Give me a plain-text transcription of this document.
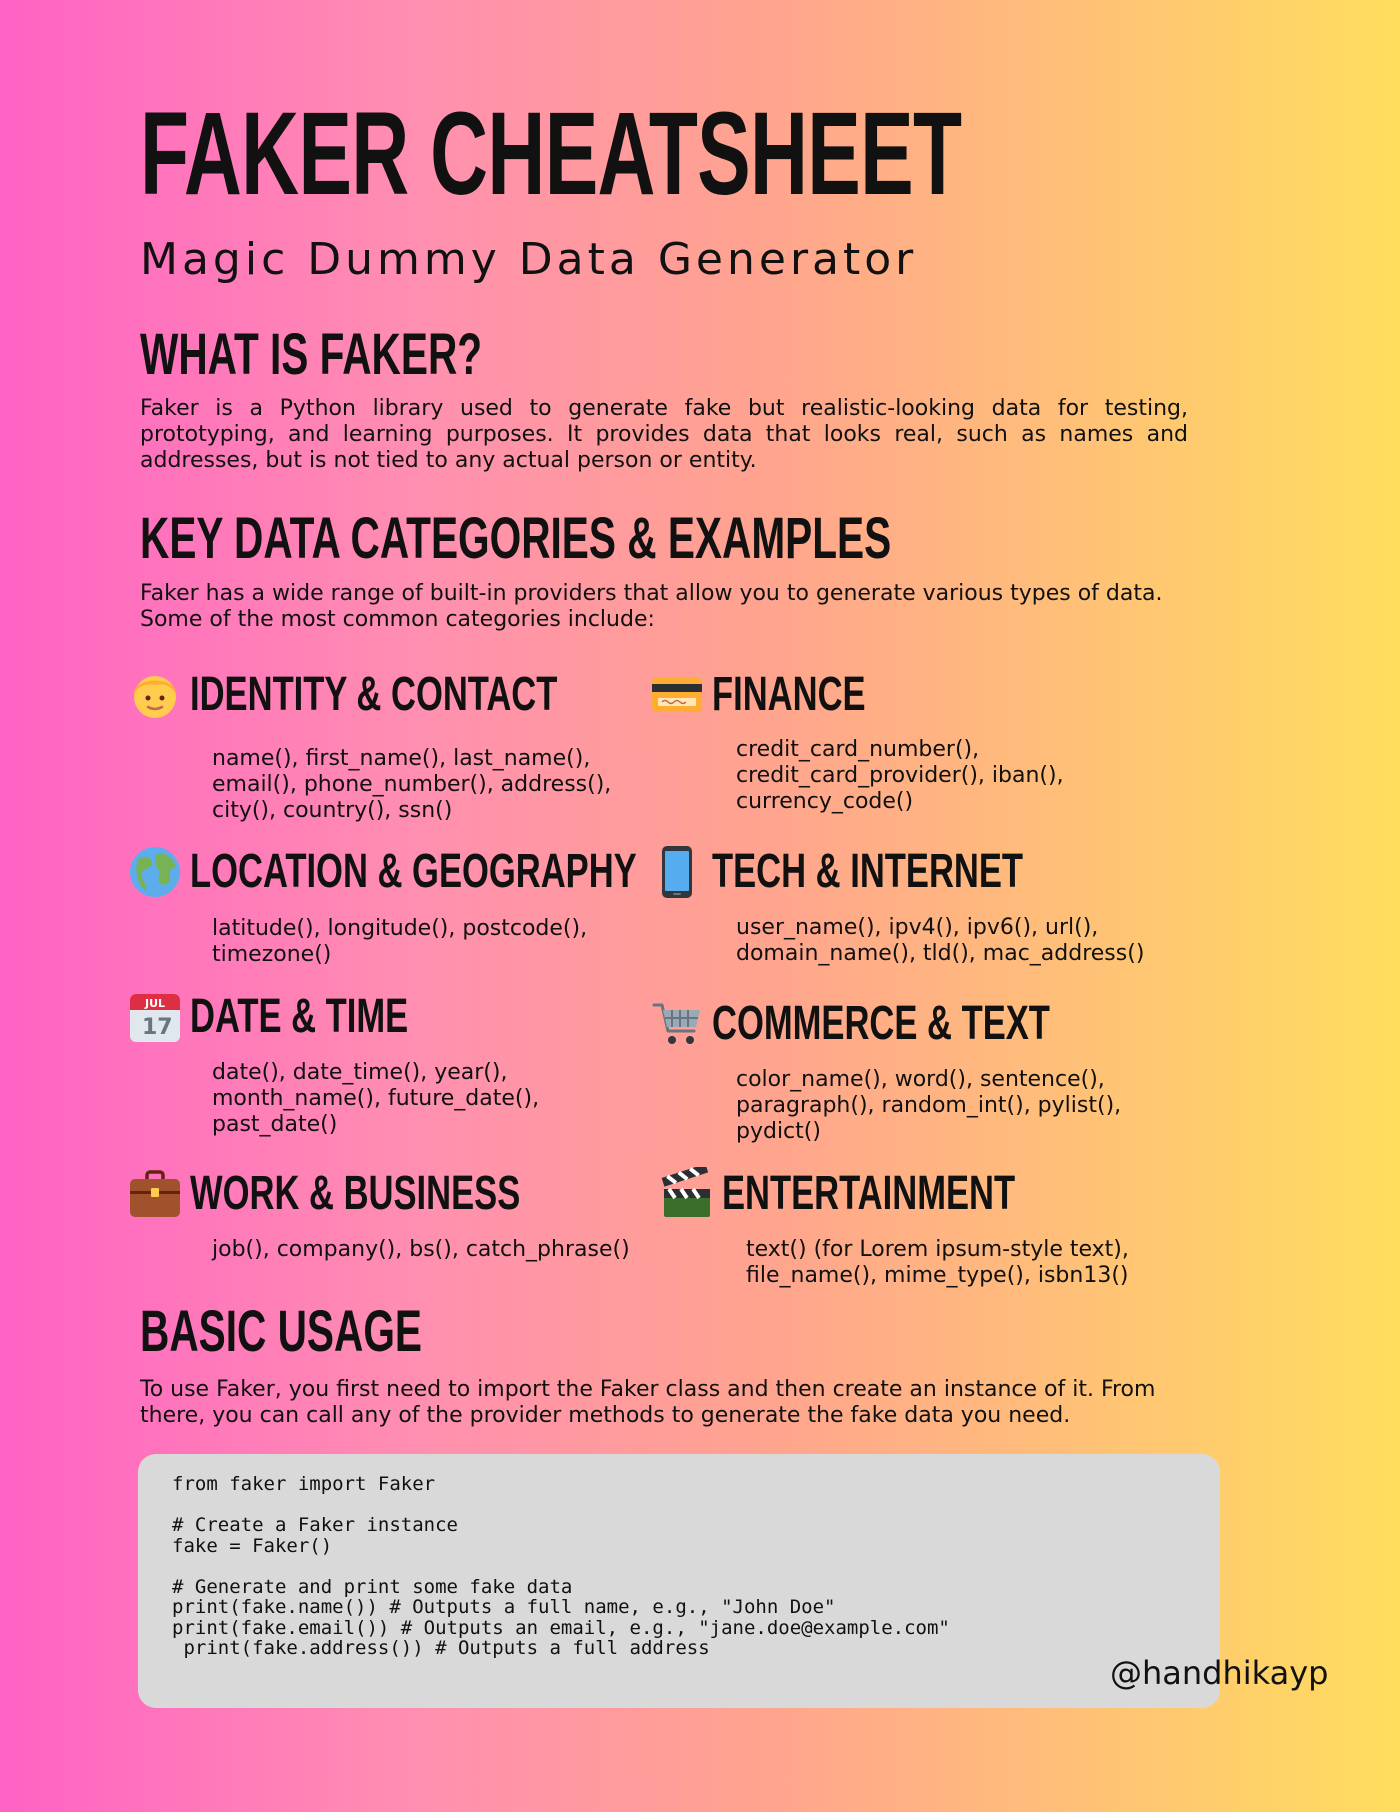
FAKER CHEATSHEET

Magic Dummy Data Generator

WHAT IS FAKER?

Faker is a Python library used to generate fake but realistic-looking data for testing, prototyping, and learning purposes. It provides data that looks real, such as names and addresses, but is not tied to any actual person or entity.

KEY DATA CATEGORIES & EXAMPLES

Faker has a wide range of built-in providers that allow you to generate various types of data. Some of the most common categories include:

IDENTITY & CONTACT

name(), first_name(), last_name(), email(), phone_number(), address(), city(), country(), ssn()

FINANCE

credit_card_number(), credit_card_provider(), iban(), currency_code()

LOCATION & GEOGRAPHY

latitude(), longitude(), postcode(), timezone()

TECH & INTERNET

user_name(), ipv4(), ipv6(), url(), domain_name(), tld(), mac_address()

JUL
17 DATE & TIME

date(), date_time(), year(), month_name(), future_date(), past_date()

COMMERCE & TEXT

color_name(), word(), sentence(), paragraph(), random_int(), pylist(), pydict()

WORK & BUSINESS

job(), company(), bs(), catch_phrase()

ENTERTAINMENT

text() (for Lorem ipsum-style text), file_name(), mime_type(), isbn13()

BASIC USAGE

To use Faker, you first need to import the Faker class and then create an instance of it. From there, you can call any of the provider methods to generate the fake data you need.

from faker import Faker

# Create a Faker instance
fake = Faker()

# Generate and print some fake data
print(fake.name()) # Outputs a full name, e.g., "John Doe"
print(fake.email()) # Outputs an email, e.g., "jane.doe@example.com"
print(fake.address()) # Outputs a full address

@handhikayp
